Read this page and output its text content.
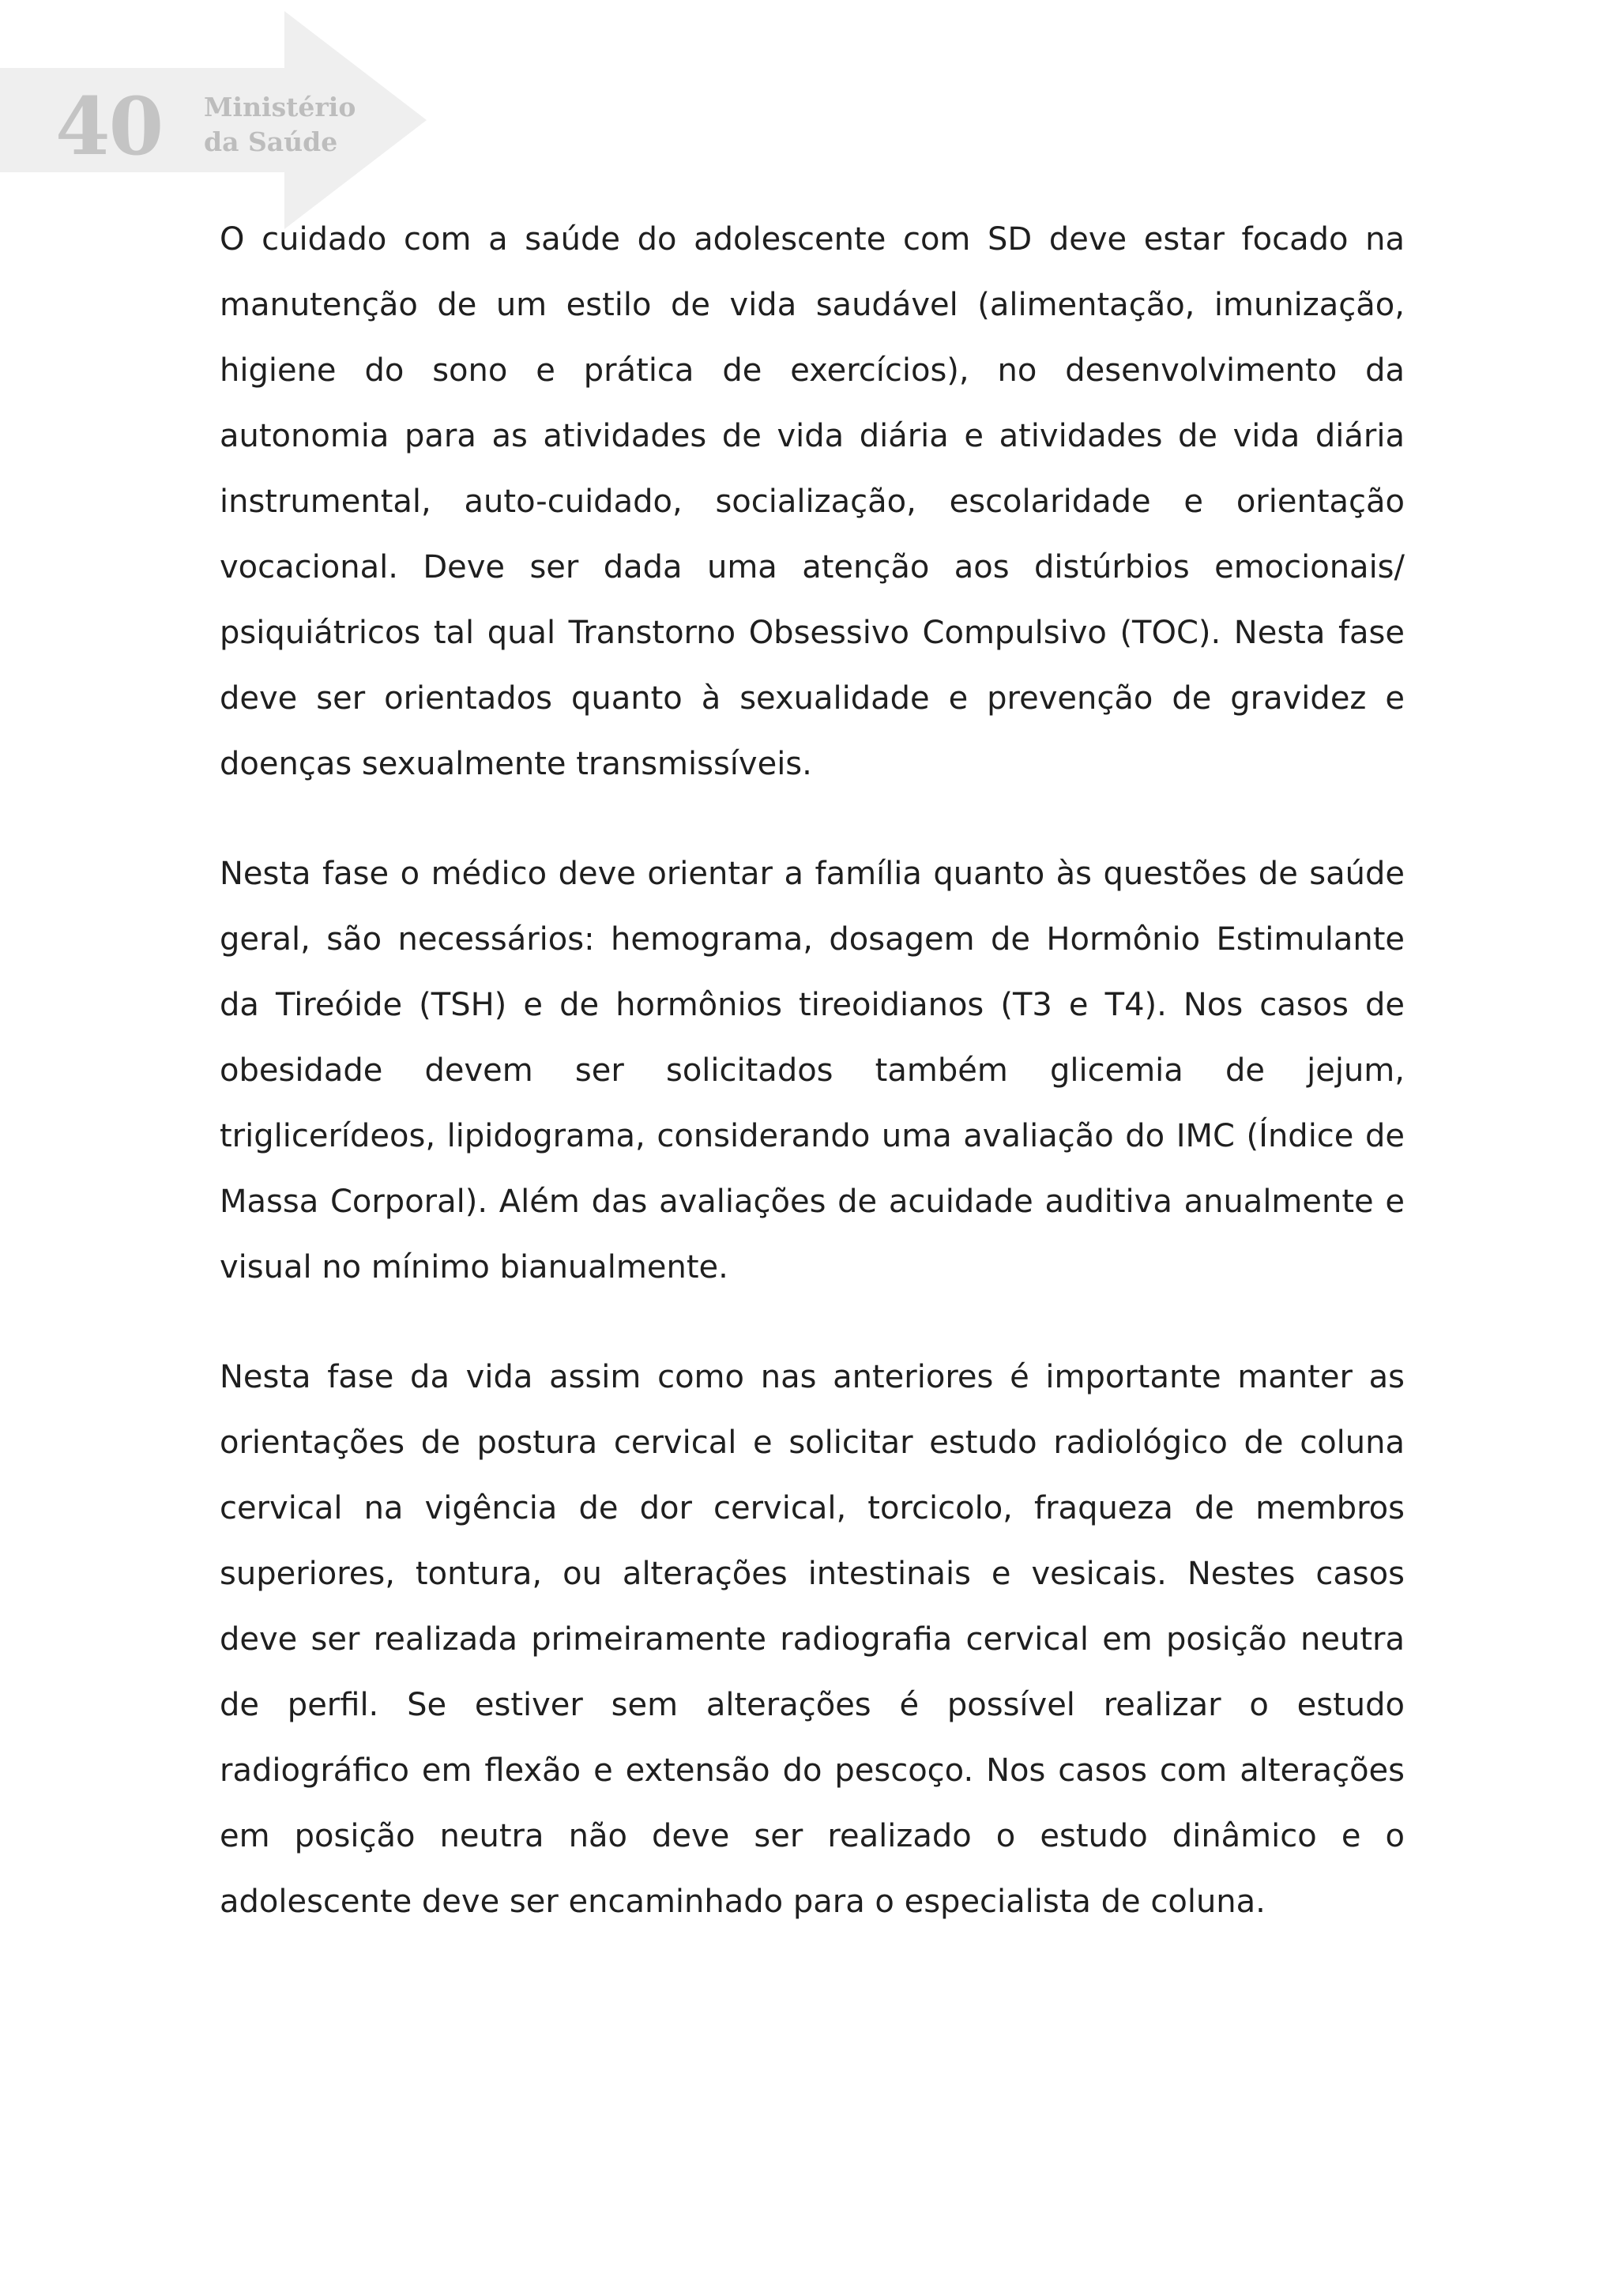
40 Ministério
da Saúde

O cuidado com a saúde do adolescente com SD deve estar focado na manutenção de um estilo de vida saudável (alimentação, imunização, higiene do sono e prática de exercícios), no desenvolvimento da autonomia para as atividades de vida diária e atividades de vida diária instrumental, auto-cuidado, socialização, escolaridade e orientação vocacional. Deve ser dada uma atenção aos distúrbios emocionais/ psiquiátricos tal qual Transtorno Obsessivo Compulsivo (TOC). Nesta fase deve ser orientados quanto à sexualidade e prevenção de gravidez e doenças sexualmente transmissíveis.

Nesta fase o médico deve orientar a família quanto às questões de saúde geral, são necessários: hemograma, dosagem de Hormônio Estimulante da Tireóide (TSH) e de hormônios tireoidianos (T3 e T4). Nos casos de obesidade devem ser solicitados também glicemia de jejum, triglicerídeos, lipidograma, considerando uma avaliação do IMC (Índice de Massa Corporal). Além das avaliações de acuidade auditiva anualmente e visual no mínimo bianualmente.

Nesta fase da vida assim como nas anteriores é importante manter as orientações de postura cervical e solicitar estudo radiológico de coluna cervical na vigência de dor cervical, torcicolo, fraqueza de membros superiores, tontura, ou alterações intestinais e vesicais. Nestes casos deve ser realizada primeiramente radiografia cervical em posição neutra de perfil. Se estiver sem alterações é possível realizar o estudo radiográfico em flexão e extensão do pescoço. Nos casos com alterações em posição neutra não deve ser realizado o estudo dinâmico e o adolescente deve ser encaminhado para o especialista de coluna.
